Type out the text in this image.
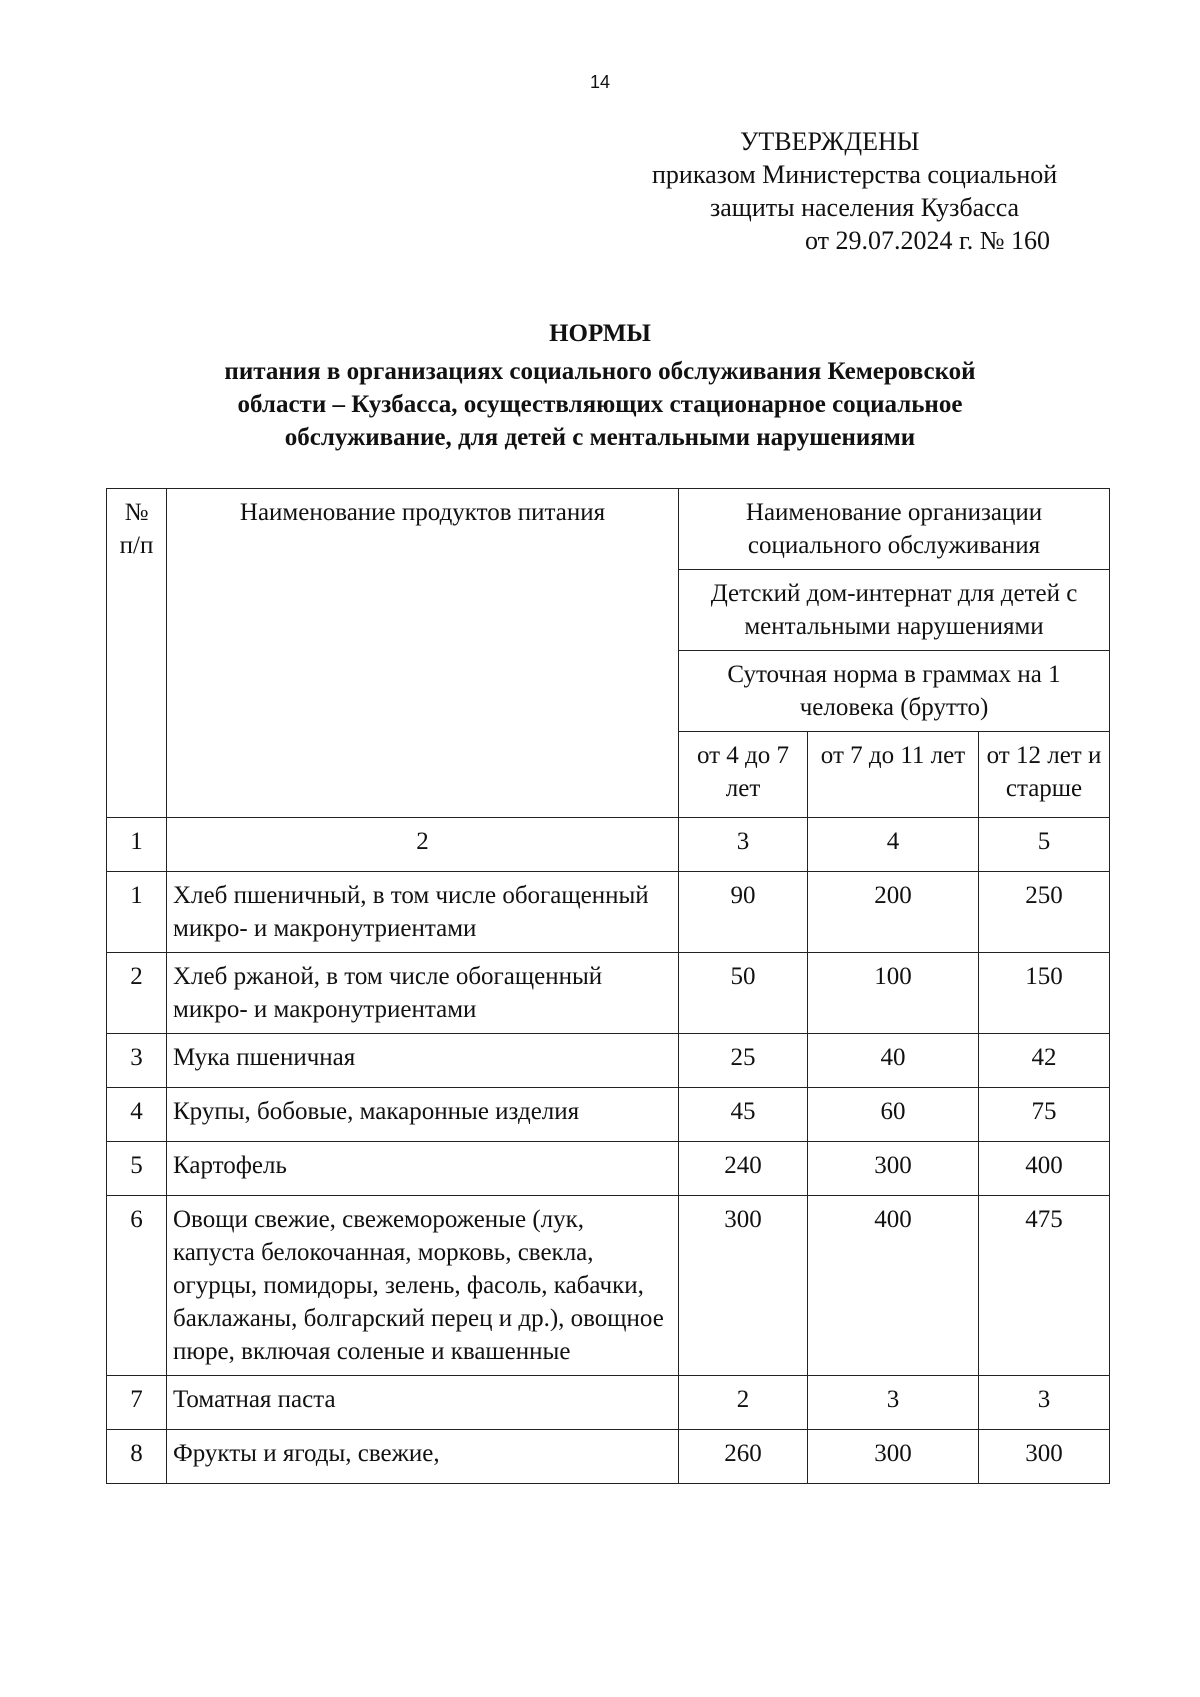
14
УТВЕРЖДЕНЫ
приказом Министерства социальной
защиты населения Кузбасса
от 29.07.2024 г. № 160
НОРМЫ
питания в организациях социального обслуживания Кемеровской
области – Кузбасса, осуществляющих стационарное социальное
обслуживание, для детей с ментальными нарушениями
№ п/п	Наименование продуктов питания	Наименование организации социального обслуживания		
		Детский дом-интернат для детей с ментальными нарушениями		
		Суточная норма в граммах на 1 человека (брутто)		
		от 4 до 7 лет	от 7 до 11 лет	от 12 лет и старше
1	2	3	4	5
1	Хлеб пшеничный, в том числе обогащенный микро- и макронутриентами	90	200	250
2	Хлеб ржаной, в том числе обогащенный микро- и макронутриентами	50	100	150
3	Мука пшеничная	25	40	42
4	Крупы, бобовые, макаронные изделия	45	60	75
5	Картофель	240	300	400
6	Овощи свежие, свежемороженые (лук, капуста белокочанная, морковь, свекла, огурцы, помидоры, зелень, фасоль, кабачки, баклажаны, болгарский перец и др.), овощное пюре, включая соленые и квашенные	300	400	475
7	Томатная паста	2	3	3
8	Фрукты и ягоды, свежие,	260	300	300
